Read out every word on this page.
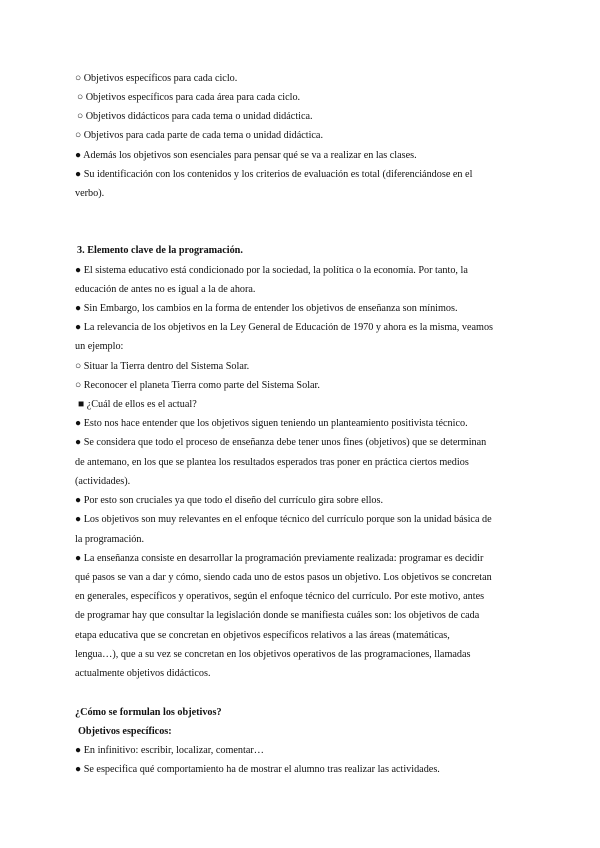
○ Objetivos específicos para cada ciclo.
○ Objetivos específicos para cada área para cada ciclo.
○ Objetivos didácticos para cada tema o unidad didáctica.
○ Objetivos para cada parte de cada tema o unidad didáctica.
● Además los objetivos son esenciales para pensar qué se va a realizar en las clases.
● Su identificación con los contenidos y los criterios de evaluación es total (diferenciándose en el
verbo).
3. Elemento clave de la programación.
● El sistema educativo está condicionado por la sociedad, la política o la economía. Por tanto, la
educación de antes no es igual a la de ahora.
● Sin Embargo, los cambios en la forma de entender los objetivos de enseñanza son mínimos.
● La relevancia de los objetivos en la Ley General de Educación de 1970 y ahora es la misma, veamos
un ejemplo:
○ Situar la Tierra dentro del Sistema Solar.
○ Reconocer el planeta Tierra como parte del Sistema Solar.
■ ¿Cuál de ellos es el actual?
● Esto nos hace entender que los objetivos siguen teniendo un planteamiento positivista técnico.
● Se considera que todo el proceso de enseñanza debe tener unos fines (objetivos) que se determinan
de antemano, en los que se plantea los resultados esperados tras poner en práctica ciertos medios
(actividades).
● Por esto son cruciales ya que todo el diseño del currículo gira sobre ellos.
● Los objetivos son muy relevantes en el enfoque técnico del currículo porque son la unidad básica de
la programación.
● La enseñanza consiste en desarrollar la programación previamente realizada: programar es decidir
qué pasos se van a dar y cómo, siendo cada uno de estos pasos un objetivo. Los objetivos se concretan
en generales, específicos y operativos, según el enfoque técnico del currículo. Por este motivo, antes
de programar hay que consultar la legislación donde se manifiesta cuáles son: los objetivos de cada
etapa educativa que se concretan en objetivos específicos relativos a las áreas (matemáticas,
lengua…), que a su vez se concretan en los objetivos operativos de las programaciones, llamadas
actualmente objetivos didácticos.
¿Cómo se formulan los objetivos?
Objetivos específicos:
● En infinitivo: escribir, localizar, comentar…
● Se especifica qué comportamiento ha de mostrar el alumno tras realizar las actividades.
